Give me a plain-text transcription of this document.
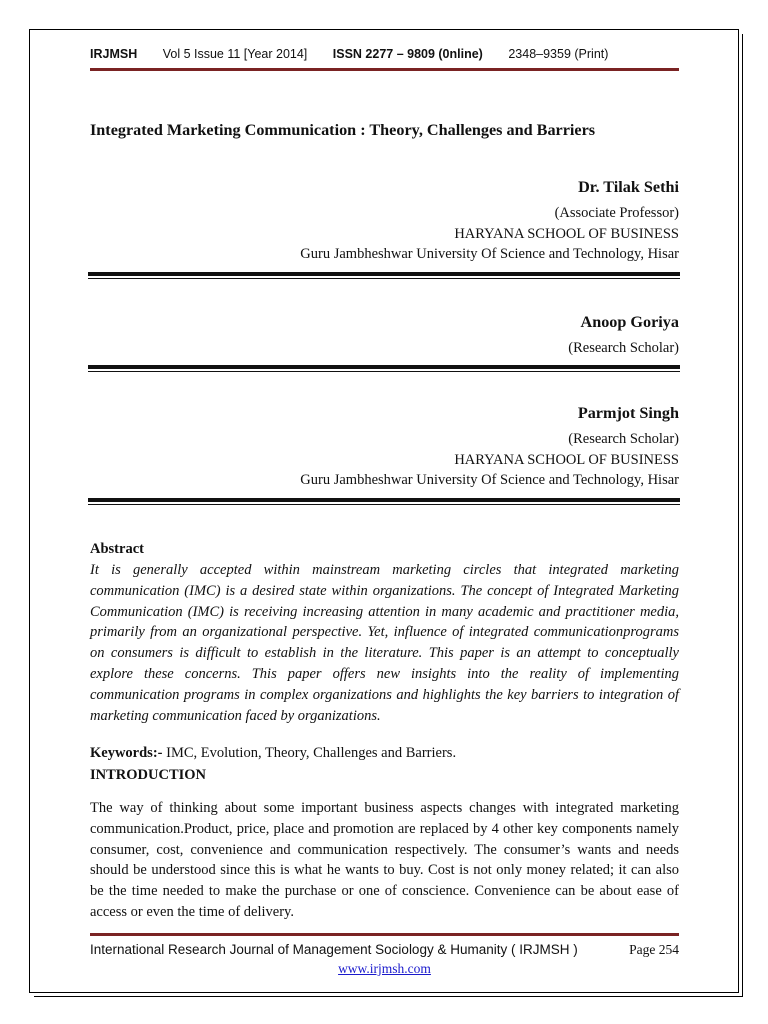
IRJMSH Vol 5 Issue 11 [Year 2014] ISSN 2277 – 9809 (0nline) 2348–9359 (Print)
Integrated Marketing Communication : Theory, Challenges and Barriers
Dr. Tilak Sethi
(Associate Professor)
HARYANA SCHOOL OF BUSINESS
Guru Jambheshwar University Of Science and Technology, Hisar
Anoop Goriya
(Research Scholar)
Parmjot Singh
(Research Scholar)
HARYANA SCHOOL OF BUSINESS
Guru Jambheshwar University Of Science and Technology, Hisar
Abstract
It is generally accepted within mainstream marketing circles that integrated marketing communication (IMC) is a desired state within organizations. The concept of Integrated Marketing Communication (IMC) is receiving increasing attention in many academic and practitioner media, primarily from an organizational perspective. Yet, influence of integrated communicationprograms on consumers is difficult to establish in the literature. This paper is an attempt to conceptually explore these concerns. This paper offers new insights into the reality of implementing communication programs in complex organizations and highlights the key barriers to integration of marketing communication faced by organizations.
Keywords:- IMC, Evolution, Theory, Challenges and Barriers.
INTRODUCTION
The way of thinking about some important business aspects changes with integrated marketing communication.Product, price, place and promotion are replaced by 4 other key components namely consumer, cost, convenience and communication respectively. The consumer’s wants and needs should be understood since this is what he wants to buy. Cost is not only money related; it can also be the time needed to make the purchase or one of conscience. Convenience can be about ease of access or even the time of delivery.
International Research Journal of Management Sociology & Humanity ( IRJMSH )	Page 254
www.irjmsh.com
